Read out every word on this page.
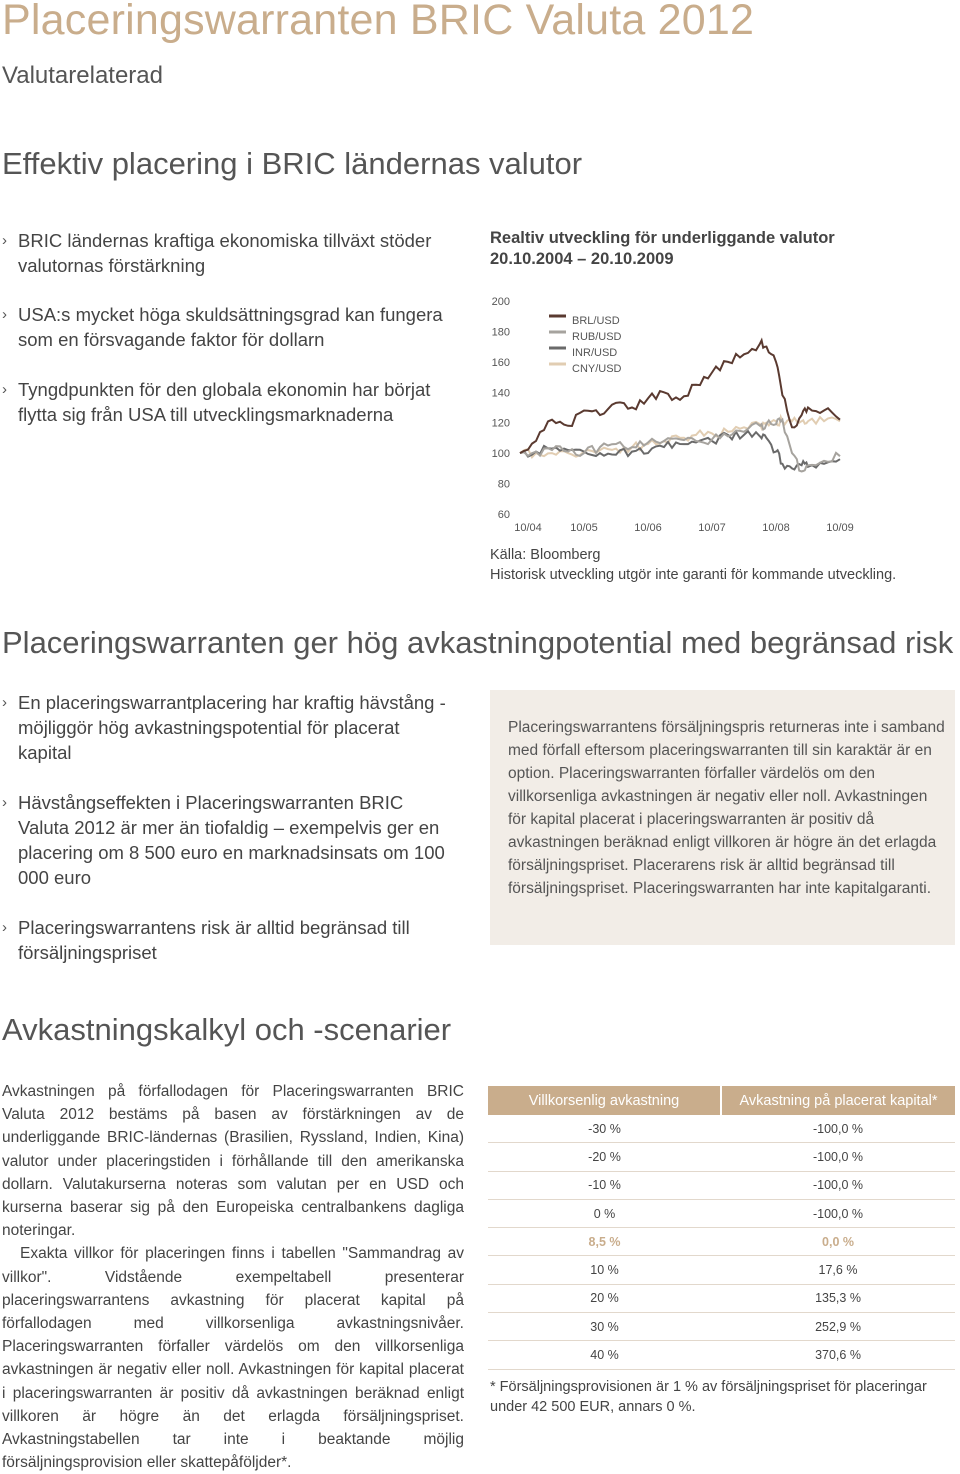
Placeringswarranten BRIC Valuta 2012
Valutarelaterad
Effektiv placering i BRIC ländernas valutor
› BRIC ländernas kraftiga ekonomiska tillväxt stöder valutornas förstärkning
› USA:s mycket höga skuldsättningsgrad kan fungera som en försvagande faktor för dollarn
› Tyngdpunkten för den globala ekonomin har börjat flytta sig från USA till utvecklingsmarknaderna
Realtiv utveckling för underliggande valutor
20.10.2004 – 20.10.2009
200
180
160
140
120
100
80
60
10/04	10/05	10/06	10/07	10/08	10/09
BRL/USD
RUB/USD
INR/USD
CNY/USD
Källa: Bloomberg
Historisk utveckling utgör inte garanti för kommande utveckling.
Placeringswarranten ger hög avkastningpotential med begränsad risk
› En placeringswarrantplacering har kraftig hävstång - möjliggör hög avkastningspotential för placerat kapital
› Hävstångseffekten i Placeringswarranten BRIC Valuta 2012 är mer än tiofaldig – exempelvis ger en placering om 8 500 euro en marknadsinsats om 100 000 euro
› Placeringswarrantens risk är alltid begränsad till försäljningspriset

Placeringswarrantens försäljningspris returneras inte i samband med förfall eftersom placeringswarranten till sin karaktär är en option. Placeringswarranten förfaller värdelös om den villkorsenliga avkastningen är negativ eller noll. Avkastningen för kapital placerat i placeringswarranten är positiv då avkastningen beräknad enligt villkoren är högre än det erlagda försäljningspriset. Placerarens risk är alltid begränsad till försäljningspriset. Placeringswarranten har inte kapitalgaranti.

Avkastningskalkyl och -scenarier

Avkastningen på förfallodagen för Placeringswarranten BRIC Valuta 2012 bestäms på basen av förstärkningen av de underliggande BRIC-ländernas (Brasilien, Ryssland, Indien, Kina) valutor under placeringstiden i förhållande till den amerikanska dollarn. Valutakurserna noteras som valutan per en USD och kurserna baserar sig på den Europeiska centralbankens dagliga noteringar.

Exakta villkor för placeringen finns i tabellen "Sammandrag av villkor". Vidstående exempeltabell presenterar placeringswarrantens avkastning för placerat kapital på förfallodagen med villkorsenliga avkastningsnivåer. Placeringswarranten förfaller värdelös om den villkorsenliga avkastningen är negativ eller noll. Avkastningen för kapital placerat i placeringswarranten är positiv då avkastningen beräknad enligt villkoren är högre än det erlagda försäljningspriset. Avkastningstabellen tar inte i beaktande möjlig försäljningsprovision eller skattepåföljder*.

Villkorsenlig avkastning	Avkastning på placerat kapital*
-30 %	-100,0 %
-20 %	-100,0 %
-10 %	-100,0 %
0 %	-100,0 %
8,5 %	0,0 %
10 %	17,6 %
20 %	135,3 %
30 %	252,9 %
40 %	370,6 %
* Försäljningsprovisionen är 1 % av försäljningspriset för placeringar under 42 500 EUR, annars 0 %.
